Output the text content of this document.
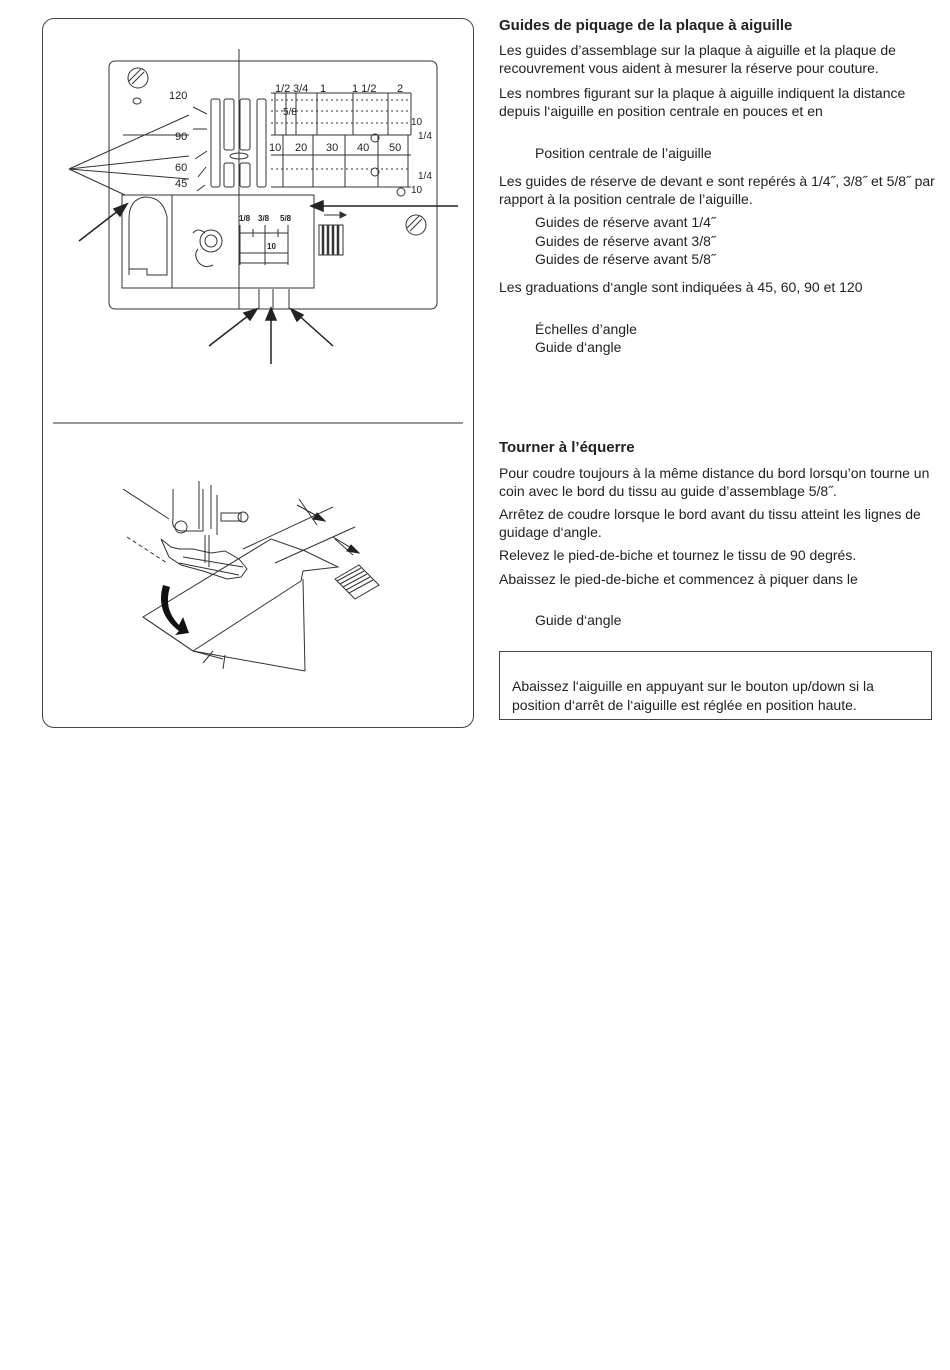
1/2 3/4 1 1 1/2 2
5/8
10 20 30 40 50
10
1/4
1/4
10
120
90
60
45
1/8 3/8 5/8
10

Guides de piquage de la plaque à aiguille

Les guides d’assemblage sur la plaque à aiguille et la plaque de recouvrement vous aident à mesurer la réserve pour couture.

Les nombres figurant sur la plaque à aiguille indiquent la distance depuis l‘aiguille en position centrale en pouces et en

Position centrale de l’aiguille

Les guides de réserve de devant e sont repérés à 1/4˝, 3/8˝ et 5/8˝ par rapport à la position centrale de l’aiguille.

Guides de réserve avant 1/4˝

Guides de réserve avant 3/8˝

Guides de réserve avant 5/8˝

Les graduations d‘angle sont indiquées à 45, 60, 90 et 120

Échelles d’angle

Guide d‘angle

Tourner à l’équerre

Pour coudre toujours à la même distance du bord lorsqu’on tourne un coin avec le bord du tissu au guide d’assemblage 5/8˝.

Arrêtez de coudre lorsque le bord avant du tissu atteint les lignes de guidage d‘angle.

Relevez le pied-de-biche et tournez le tissu de 90 degrés.

Abaissez le pied-de-biche et commencez à piquer dans le

Guide d‘angle

Abaissez l‘aiguille en appuyant sur le bouton up/down si la position d‘arrêt de l‘aiguille est réglée en position haute.
